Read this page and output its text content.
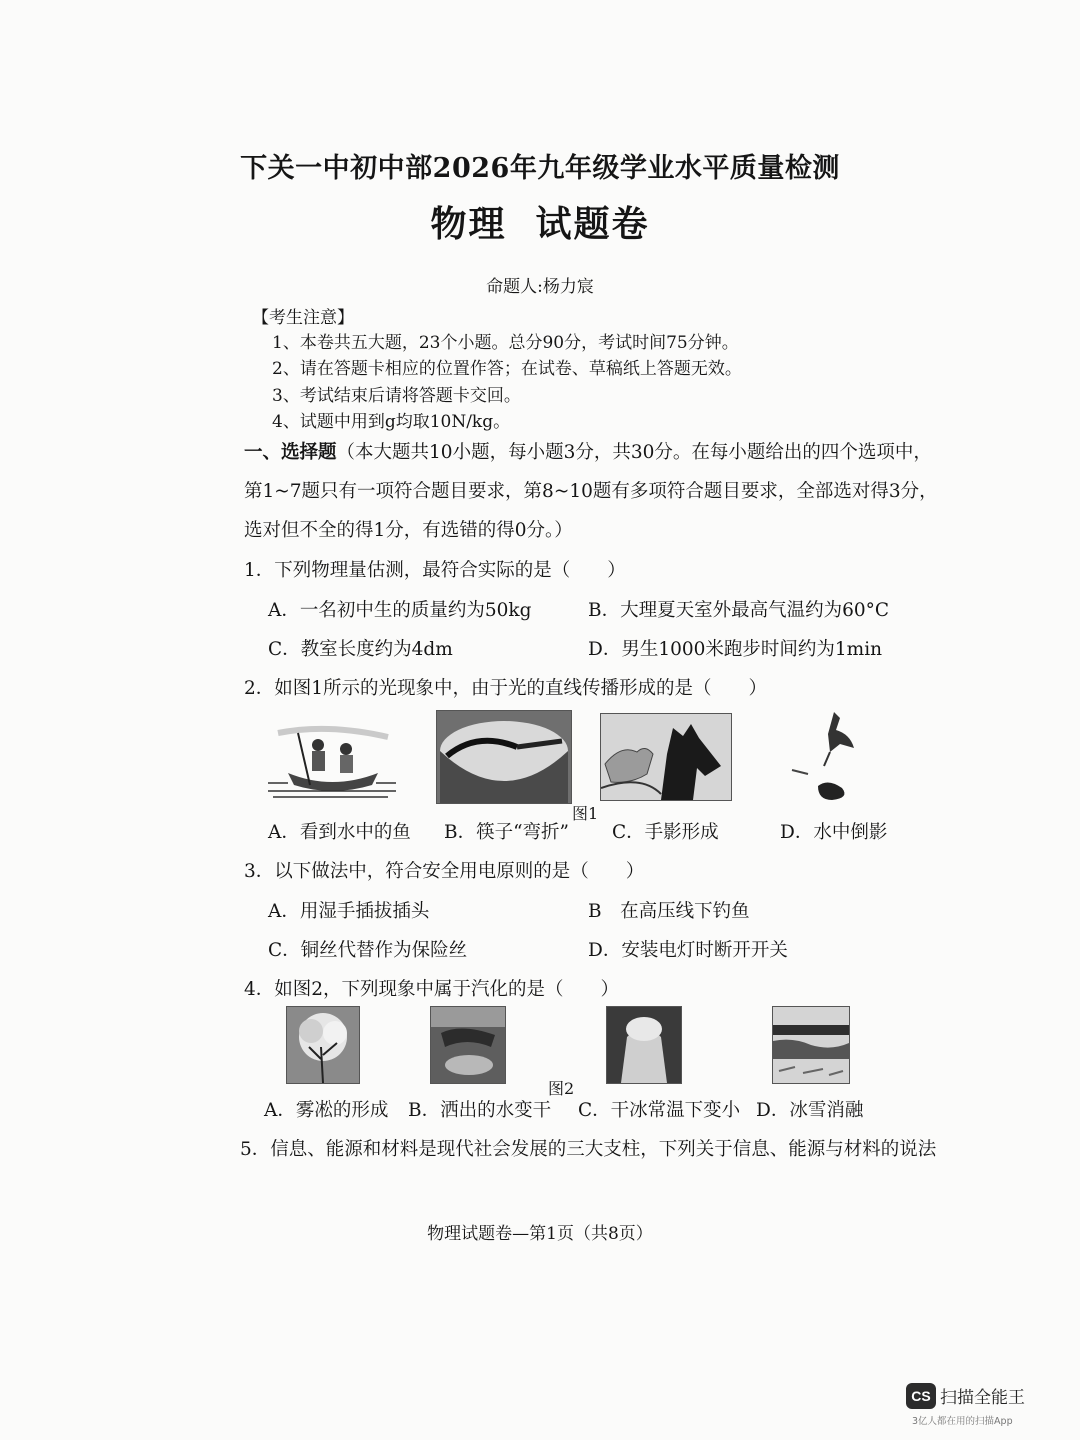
下关一中初中部2026年九年级学业水平质量检测
物理  试题卷
命题人:杨力宸
【考生注意】
1、本卷共五大题，23个小题。总分90分，考试时间75分钟。
2、请在答题卡相应的位置作答；在试卷、草稿纸上答题无效。
3、考试结束后请将答题卡交回。
4、试题中用到g均取10N/kg。
一、选择题（本大题共10小题，每小题3分，共30分。在每小题给出的四个选项中，
第1~7题只有一项符合题目要求，第8~10题有多项符合题目要求，全部选对得3分，
选对但不全的得1分，有选错的得0分。）
1．下列物理量估测，最符合实际的是（　　）
A．一名初中生的质量约为50kg	B．大理夏天室外最高气温约为60°C
C．教室长度约为4dm	D．男生1000米跑步时间约为1min
2．如图1所示的光现象中，由于光的直线传播形成的是（　　）
图1
A．看到水中的鱼 B．筷子“弯折” C．手影形成	D．水中倒影
3．以下做法中，符合安全用电原则的是（　　）
A．用湿手插拔插头	B　在高压线下钓鱼
C．铜丝代替作为保险丝	D．安装电灯时断开开关
4．如图2，下列现象中属于汽化的是（　　）
图2
A．雾凇的形成 B．洒出的水变干 C．干冰常温下变小 D．冰雪消融
5．信息、能源和材料是现代社会发展的三大支柱，下列关于信息、能源与材料的说法
物理试题卷—第1页（共8页）
CS 扫描全能王
3亿人都在用的扫描App
